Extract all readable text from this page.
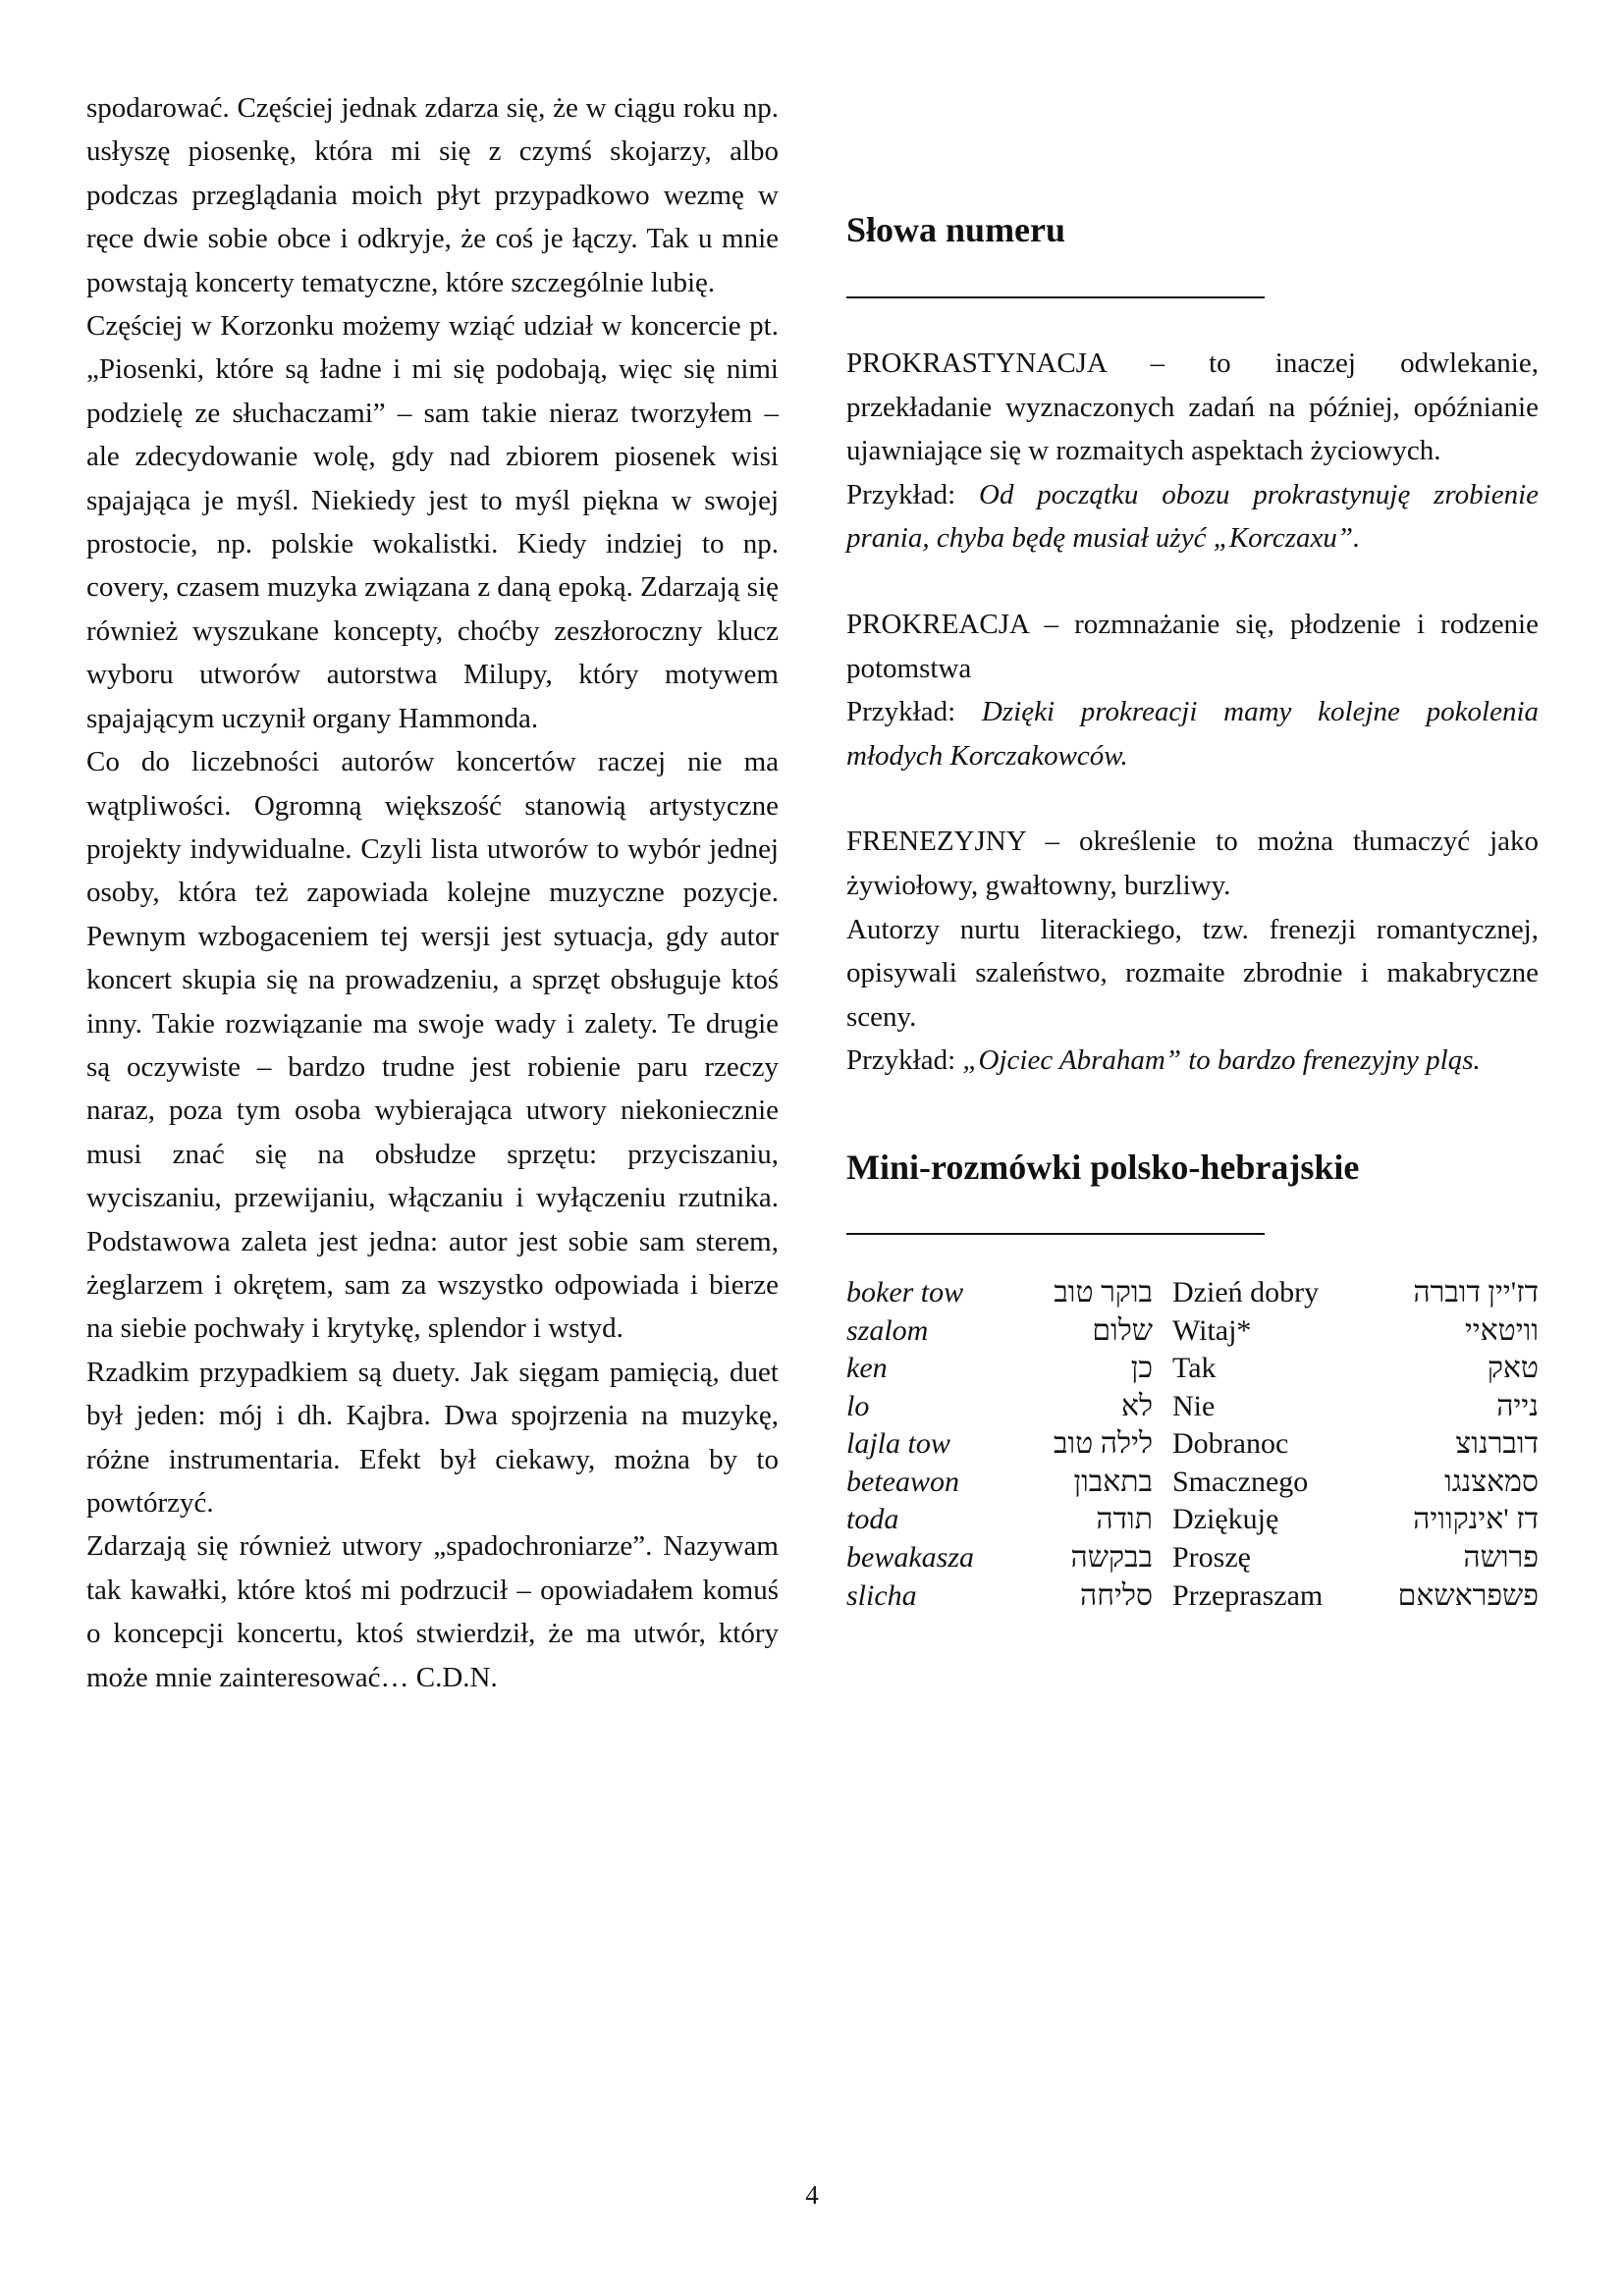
spodarować. Częściej jednak zdarza się, że w ciągu roku np. usłyszę piosenkę, która mi się z czymś skojarzy, albo podczas przeglądania moich płyt przypadkowo wezmę w ręce dwie sobie obce i odkryje, że coś je łączy. Tak u mnie powstają koncerty tematyczne, które szczególnie lubię.

Częściej w Korzonku możemy wziąć udział w koncercie pt. „Piosenki, które są ładne i mi się podobają, więc się nimi podzielę ze słuchaczami” – sam takie nieraz tworzyłem – ale zdecydowanie wolę, gdy nad zbiorem piosenek wisi spajająca je myśl. Niekiedy jest to myśl piękna w swojej prostocie, np. polskie wokalistki. Kiedy indziej to np. covery, czasem muzyka związana z daną epoką. Zdarzają się również wyszukane koncepty, choćby zeszłoroczny klucz wyboru utworów autorstwa Milupy, który motywem spajającym uczynił organy Hammonda.

Co do liczebności autorów koncertów raczej nie ma wątpliwości. Ogromną większość stanowią artystyczne projekty indywidualne. Czyli lista utworów to wybór jednej osoby, która też zapowiada kolejne muzyczne pozycje. Pewnym wzbogaceniem tej wersji jest sytuacja, gdy autor koncert skupia się na prowadzeniu, a sprzęt obsługuje ktoś inny. Takie rozwiązanie ma swoje wady i zalety. Te drugie są oczywiste – bardzo trudne jest robienie paru rzeczy naraz, poza tym osoba wybierająca utwory niekoniecznie musi znać się na obsłudze sprzętu: przyciszaniu, wyciszaniu, przewijaniu, włączaniu i wyłączeniu rzutnika. Podstawowa zaleta jest jedna: autor jest sobie sam sterem, żeglarzem i okrętem, sam za wszystko odpowiada i bierze na siebie pochwały i krytykę, splendor i wstyd.

Rzadkim przypadkiem są duety. Jak sięgam pamięcią, duet był jeden: mój i dh. Kajbra. Dwa spojrzenia na muzykę, różne instrumentaria. Efekt był ciekawy, można by to powtórzyć.

Zdarzają się również utwory „spadochroniarze”. Nazywam tak kawałki, które ktoś mi podrzucił – opowiadałem komuś o koncepcji koncertu, ktoś stwierdził, że ma utwór, który może mnie zainteresować… C.D.N.

Słowa numeru

PROKRASTYNACJA – to inaczej odwlekanie, przekładanie wyznaczonych zadań na później, opóźnianie ujawniające się w rozmaitych aspektach życiowych.

Przykład: Od początku obozu prokrastynuję zrobienie prania, chyba będę musiał użyć „Korczaxu”.

PROKREACJA – rozmnażanie się, płodzenie i rodzenie potomstwa

Przykład: Dzięki prokreacji mamy kolejne pokolenia młodych Korczakowców.

FRENEZYJNY – określenie to można tłumaczyć jako żywiołowy, gwałtowny, burzliwy.

Autorzy nurtu literackiego, tzw. frenezji romantycznej, opisywali szaleństwo, rozmaite zbrodnie i makabryczne sceny.

Przykład: „Ojciec Abraham” to bardzo frenezyjny pląs.

Mini-rozmówki polsko-hebrajskie
boker tow	בוקר טוב		Dzień dobry	דז'יין דוברה
szalom	שלום		Witaj*	וויטאיי
ken	כן		Tak	טאק
lo	לא		Nie	נייה
lajla tow	לילה טוב		Dobranoc	דוברנוצ
beteawon	בתאבון		Smacznego	סמאצנגו
toda	תודה		Dziękuję	דז 'אינקוויה
bewakasza	בבקשה		Proszę	פרושה
slicha	סליחה		Przepraszam	פשפראשאם
4
